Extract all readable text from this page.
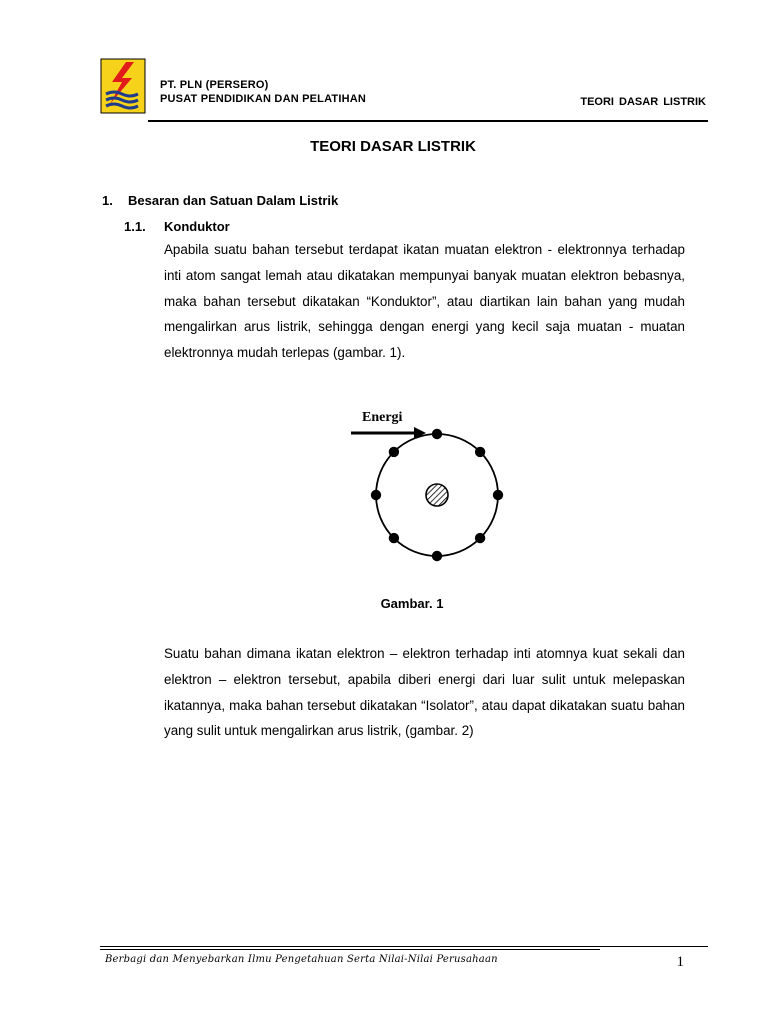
PT. PLN (PERSERO)
PUSAT PENDIDIKAN DAN PELATIHAN	TEORI DASAR LISTRIK
TEORI DASAR LISTRIK
1. Besaran dan Satuan Dalam Listrik
1.1. Konduktor

Apabila suatu bahan tersebut terdapat ikatan muatan elektron - elektronnya terhadap inti atom sangat lemah atau dikatakan mempunyai banyak muatan elektron bebasnya, maka bahan tersebut dikatakan “Konduktor”, atau diartikan lain bahan yang mudah mengalirkan arus listrik, sehingga dengan energi yang kecil saja muatan - muatan elektronnya mudah terlepas (gambar. 1).

Energi
Gambar. 1

Suatu bahan dimana ikatan elektron – elektron terhadap inti atomnya kuat sekali dan elektron – elektron tersebut, apabila diberi energi dari luar sulit untuk melepaskan ikatannya, maka bahan tersebut dikatakan “Isolator”, atau dapat dikatakan suatu bahan yang sulit untuk mengalirkan arus listrik, (gambar. 2)

Berbagi dan Menyebarkan Ilmu Pengetahuan Serta Nilai-Nilai Perusahaan	1
